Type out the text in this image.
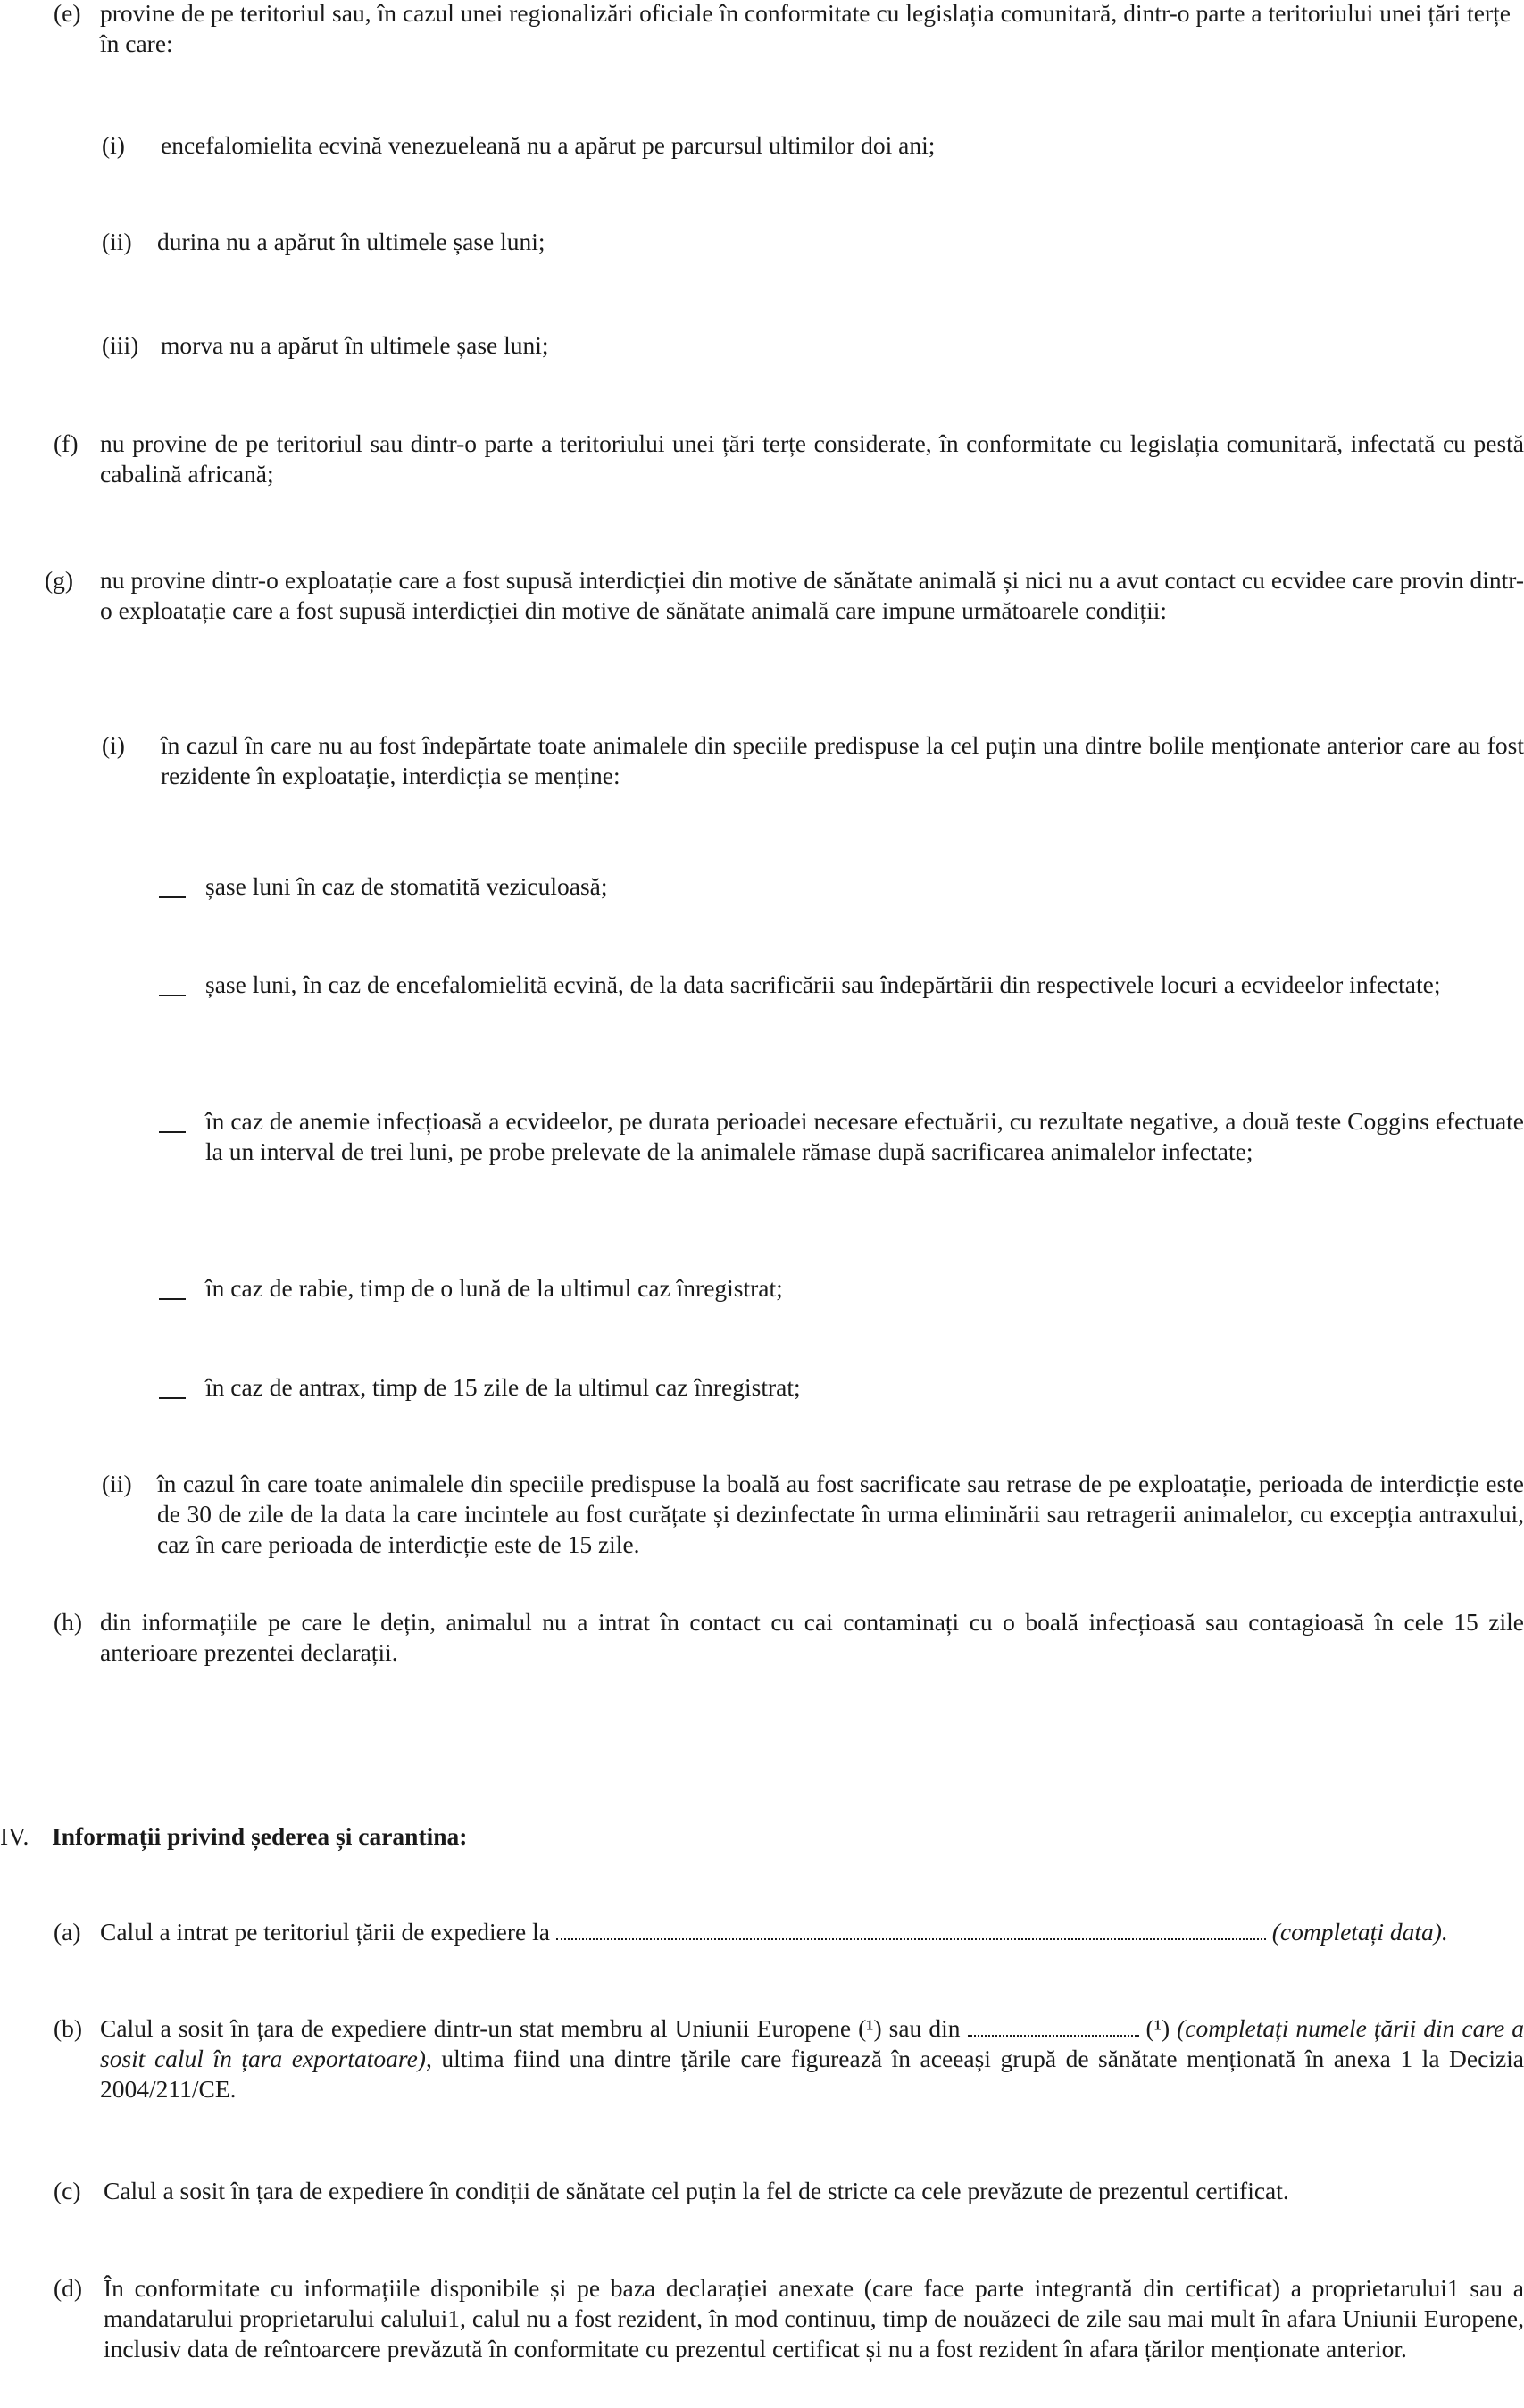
(e) provine de pe teritoriul sau, în cazul unei regionalizări oficiale în conformitate cu legislația comunitară, dintr-o parte a teritoriului unei țări terțe în care:
(i) encefalomielita ecvină venezueleană nu a apărut pe parcursul ultimilor doi ani;
(ii) durina nu a apărut în ultimele șase luni;
(iii) morva nu a apărut în ultimele șase luni;
(f) nu provine de pe teritoriul sau dintr-o parte a teritoriului unei țări terțe considerate, în conformitate cu legislația comunitară, infectată cu pestă cabalină africană;
(g) nu provine dintr-o exploatație care a fost supusă interdicției din motive de sănătate animală și nici nu a avut contact cu ecvidee care provin dintr-o exploatație care a fost supusă interdicției din motive de sănătate animală care impune următoarele condiții:
(i) în cazul în care nu au fost îndepărtate toate animalele din speciile predispuse la cel puțin una dintre bolile menționate anterior care au fost rezidente în exploatație, interdicția se menține:
șase luni în caz de stomatită veziculoasă;
șase luni, în caz de encefalomielită ecvină, de la data sacrificării sau îndepărtării din respectivele locuri a ecvideelor infectate;
în caz de anemie infecțioasă a ecvideelor, pe durata perioadei necesare efectuării, cu rezultate negative, a două teste Coggins efectuate la un interval de trei luni, pe probe prelevate de la animalele rămase după sacrificarea animalelor infectate;
în caz de rabie, timp de o lună de la ultimul caz înregistrat;
în caz de antrax, timp de 15 zile de la ultimul caz înregistrat;
(ii) în cazul în care toate animalele din speciile predispuse la boală au fost sacrificate sau retrase de pe exploatație, perioada de interdicție este de 30 de zile de la data la care incintele au fost curățate și dezinfectate în urma eliminării sau retragerii animalelor, cu excepția antraxului, caz în care perioada de interdicție este de 15 zile.
(h) din informațiile pe care le dețin, animalul nu a intrat în contact cu cai contaminați cu o boală infecțioasă sau contagioasă în cele 15 zile anterioare prezentei declarații.
IV. Informații privind șederea și carantina:
(a) Calul a intrat pe teritoriul țării de expediere la	(completați data).
(b) Calul a sosit în țara de expediere dintr-un stat membru al Uniunii Europene (¹) sau din	(¹) (completați numele țării din care a sosit calul în țara exportatoare), ultima fiind una dintre țările care figurează în aceeași grupă de sănătate menționată în anexa 1 la Decizia 2004/211/CE.
(c) Calul a sosit în țara de expediere în condiții de sănătate cel puțin la fel de stricte ca cele prevăzute de prezentul certificat.
(d) În conformitate cu informațiile disponibile și pe baza declarației anexate (care face parte integrantă din certificat) a proprietarului1 sau a mandatarului proprietarului calului1, calul nu a fost rezident, în mod continuu, timp de nouăzeci de zile sau mai mult în afara Uniunii Europene, inclusiv data de reîntoarcere prevăzută în conformitate cu prezentul certificat și nu a fost rezident în afara țărilor menționate anterior.
